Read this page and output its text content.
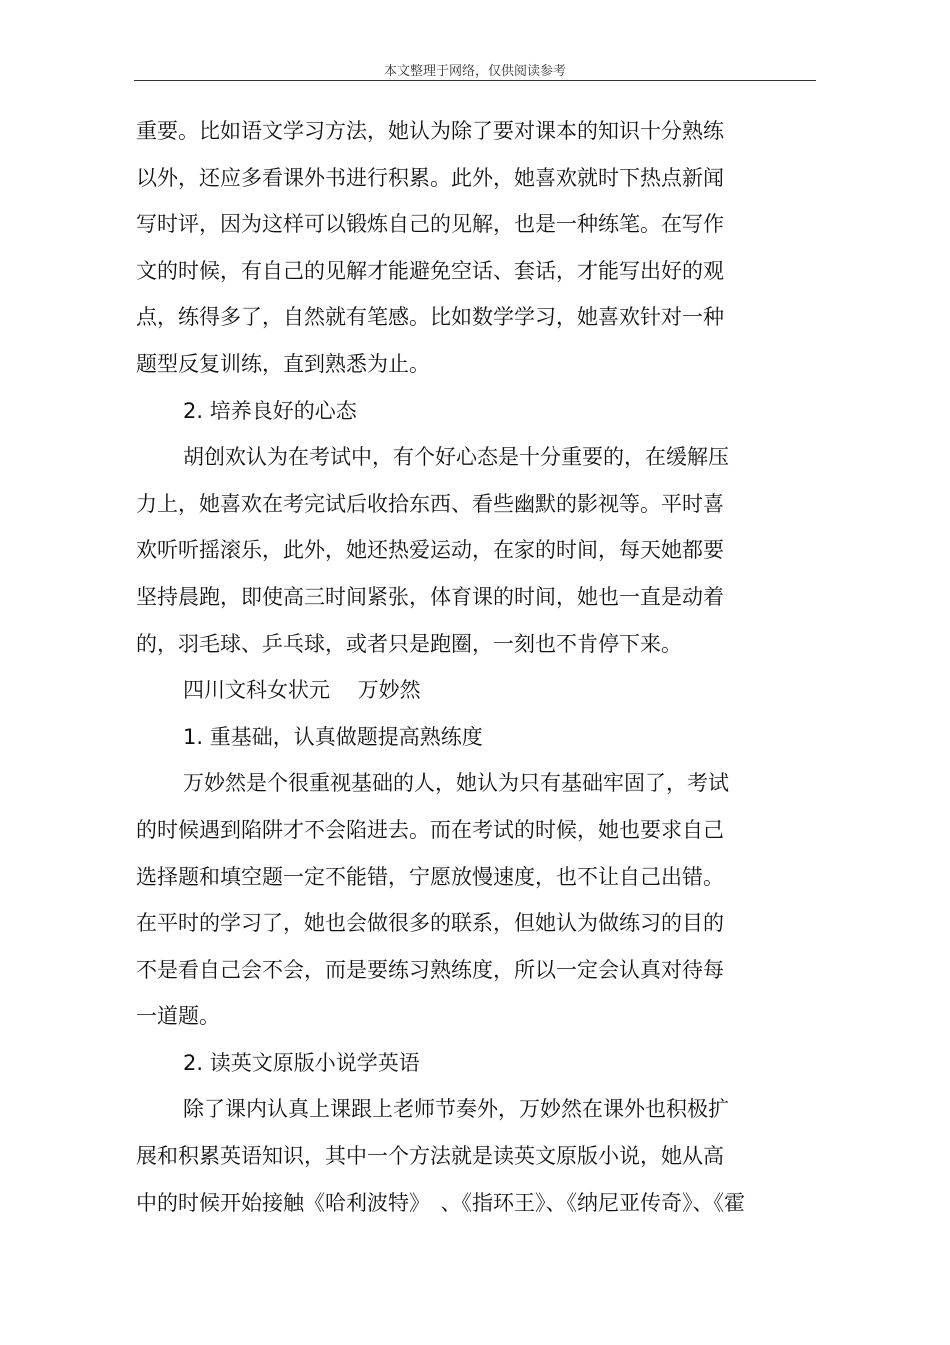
本文整理于网络，仅供阅读参考
重要。比如语文学习方法，她认为除了要对课本的知识十分熟练
以外，还应多看课外书进行积累。此外，她喜欢就时下热点新闻
写时评，因为这样可以锻炼自己的见解，也是一种练笔。在写作
文的时候，有自己的见解才能避免空话、套话，才能写出好的观
点，练得多了，自然就有笔感。比如数学学习，她喜欢针对一种
题型反复训练，直到熟悉为止。
2. 培养良好的心态
胡创欢认为在考试中，有个好心态是十分重要的，在缓解压
力上，她喜欢在考完试后收拾东西、看些幽默的影视等。平时喜
欢听听摇滚乐，此外，她还热爱运动，在家的时间，每天她都要
坚持晨跑，即使高三时间紧张，体育课的时间，她也一直是动着
的，羽毛球、乒乓球，或者只是跑圈，一刻也不肯停下来。
四川文科女状元　 万妙然
1. 重基础，认真做题提高熟练度
万妙然是个很重视基础的人，她认为只有基础牢固了，考试
的时候遇到陷阱才不会陷进去。而在考试的时候，她也要求自己
选择题和填空题一定不能错，宁愿放慢速度，也不让自己出错。
在平时的学习了，她也会做很多的联系，但她认为做练习的目的
不是看自己会不会，而是要练习熟练度，所以一定会认真对待每
一道题。
2. 读英文原版小说学英语
除了课内认真上课跟上老师节奏外，万妙然在课外也积极扩
展和积累英语知识，其中一个方法就是读英文原版小说，她从高
中的时候开始接触《哈利波特》　、《指环王》、《纳尼亚传奇》、《霍
